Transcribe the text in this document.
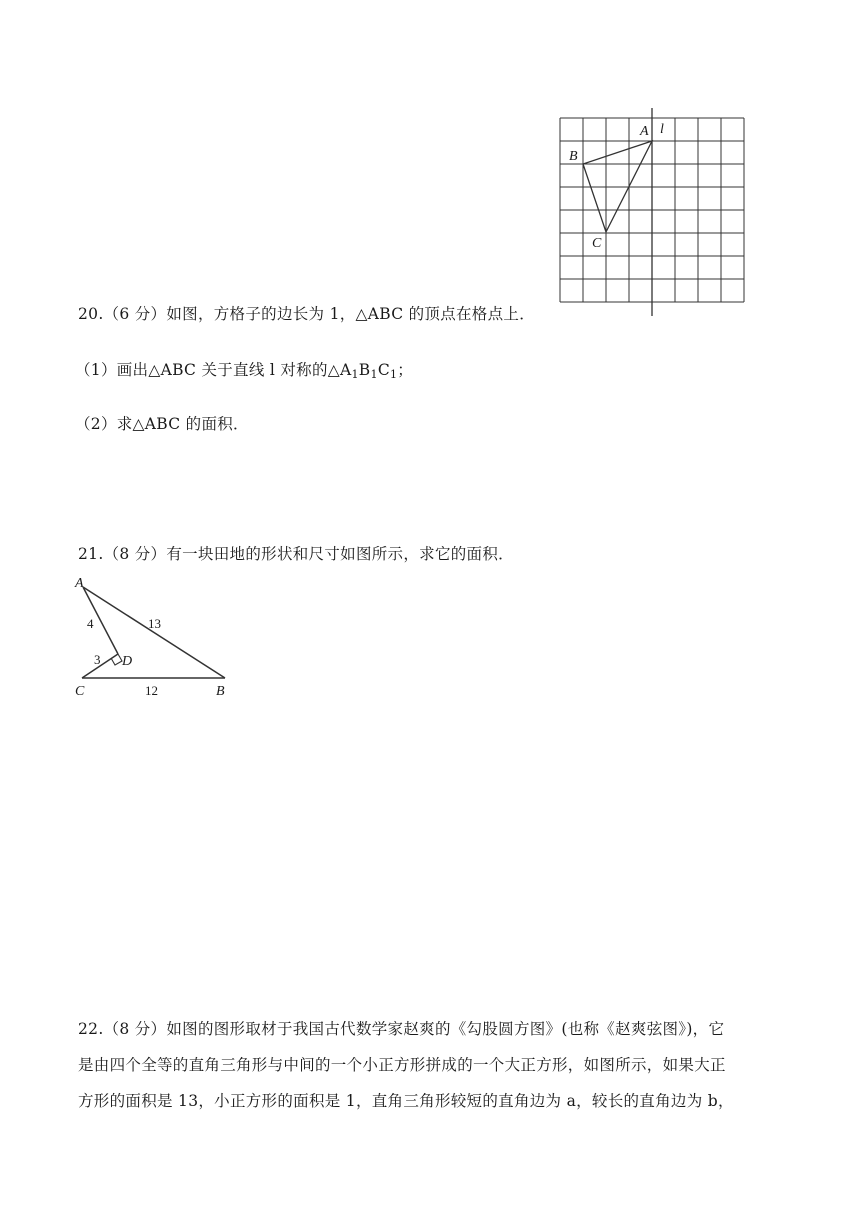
A l
B
C
20.（6 分）如图，方格子的边长为 1，△ABC 的顶点在格点上．
（1）画出△ABC 关于直线 l 对称的$\triangle A_1B_1C_1$；
（2）求△ABC 的面积．
21.（8 分）有一块田地的形状和尺寸如图所示，求它的面积．
A
D
C	B
4	13
3
12
22.（8 分）如图的图形取材于我国古代数学家赵爽的《勾股圆方图》(也称《赵爽弦图》)，它
是由四个全等的直角三角形与中间的一个小正方形拼成的一个大正方形，如图所示，如果大正
方形的面积是 13，小正方形的面积是 1，直角三角形较短的直角边为 a，较长的直角边为 b，
